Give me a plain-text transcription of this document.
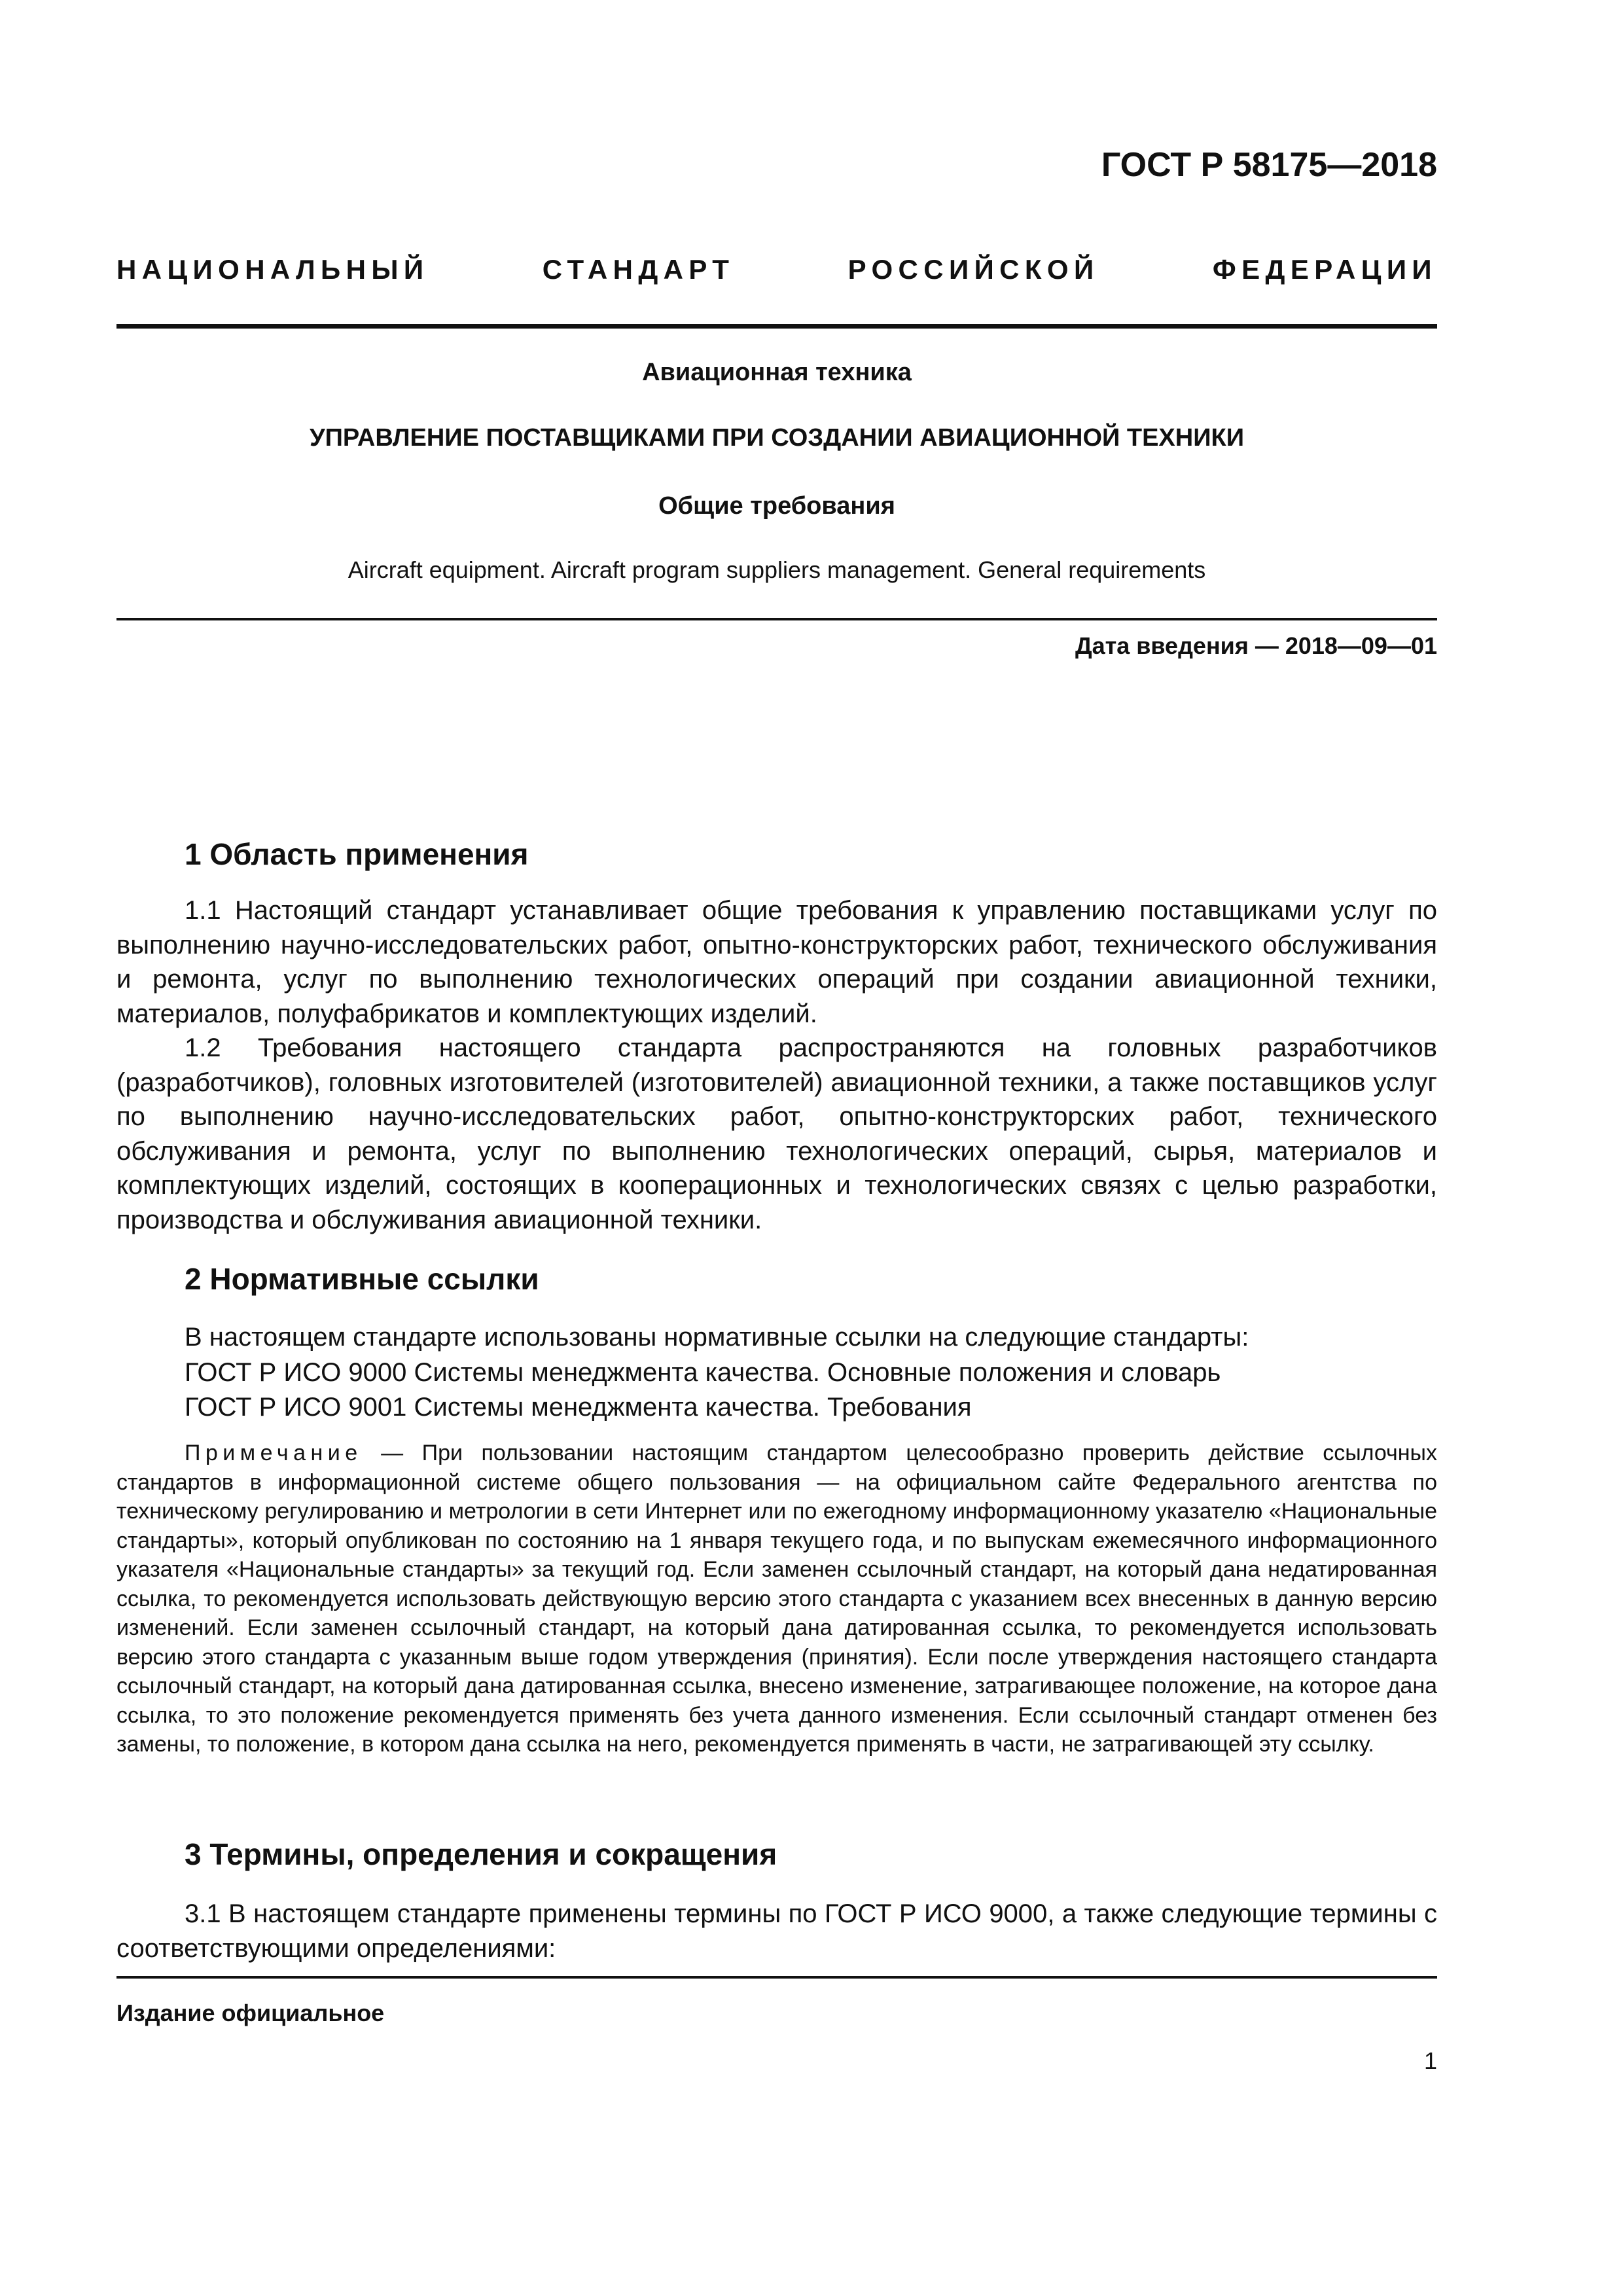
ГОСТ Р 58175—2018
НАЦИОНАЛЬНЫЙ СТАНДАРТ РОССИЙСКОЙ ФЕДЕРАЦИИ
Авиационная техника
УПРАВЛЕНИЕ ПОСТАВЩИКАМИ ПРИ СОЗДАНИИ АВИАЦИОННОЙ ТЕХНИКИ
Общие требования
Aircraft equipment. Aircraft program suppliers management. General requirements
Дата введения — 2018—09—01
1 Область применения

1.1 Настоящий стандарт устанавливает общие требования к управлению поставщиками услуг по выполнению научно-исследовательских работ, опытно-конструкторских работ, технического обслуживания и ремонта, услуг по выполнению технологических операций при создании авиационной техники, материалов, полуфабрикатов и комплектующих изделий.

1.2 Требования настоящего стандарта распространяются на головных разработчиков (разработчиков), головных изготовителей (изготовителей) авиационной техники, а также поставщиков услуг по выполнению научно-исследовательских работ, опытно-конструкторских работ, технического обслуживания и ремонта, услуг по выполнению технологических операций, сырья, материалов и комплектующих изделий, состоящих в кооперационных и технологических связях с целью разработки, производства и обслуживания авиационной техники.

2 Нормативные ссылки
В настоящем стандарте использованы нормативные ссылки на следующие стандарты:
ГОСТ Р ИСО 9000 Системы менеджмента качества. Основные положения и словарь
ГОСТ Р ИСО 9001 Системы менеджмента качества. Требования

Примечание — При пользовании настоящим стандартом целесообразно проверить действие ссылочных стандартов в информационной системе общего пользования — на официальном сайте Федерального агентства по техническому регулированию и метрологии в сети Интернет или по ежегодному информационному указателю «Национальные стандарты», который опубликован по состоянию на 1 января текущего года, и по выпускам ежемесячного информационного указателя «Национальные стандарты» за текущий год. Если заменен ссылочный стандарт, на который дана недатированная ссылка, то рекомендуется использовать действующую версию этого стандарта с указанием всех внесенных в данную версию изменений. Если заменен ссылочный стандарт, на который дана датированная ссылка, то рекомендуется использовать версию этого стандарта с указанным выше годом утверждения (принятия). Если после утверждения настоящего стандарта ссылочный стандарт, на который дана датированная ссылка, внесено изменение, затрагивающее положение, на которое дана ссылка, то это положение рекомендуется применять без учета данного изменения. Если ссылочный стандарт отменен без замены, то положение, в котором дана ссылка на него, рекомендуется применять в части, не затрагивающей эту ссылку.

3 Термины, определения и сокращения

3.1 В настоящем стандарте применены термины по ГОСТ Р ИСО 9000, а также следующие термины с соответствующими определениями:

Издание официальное
1
